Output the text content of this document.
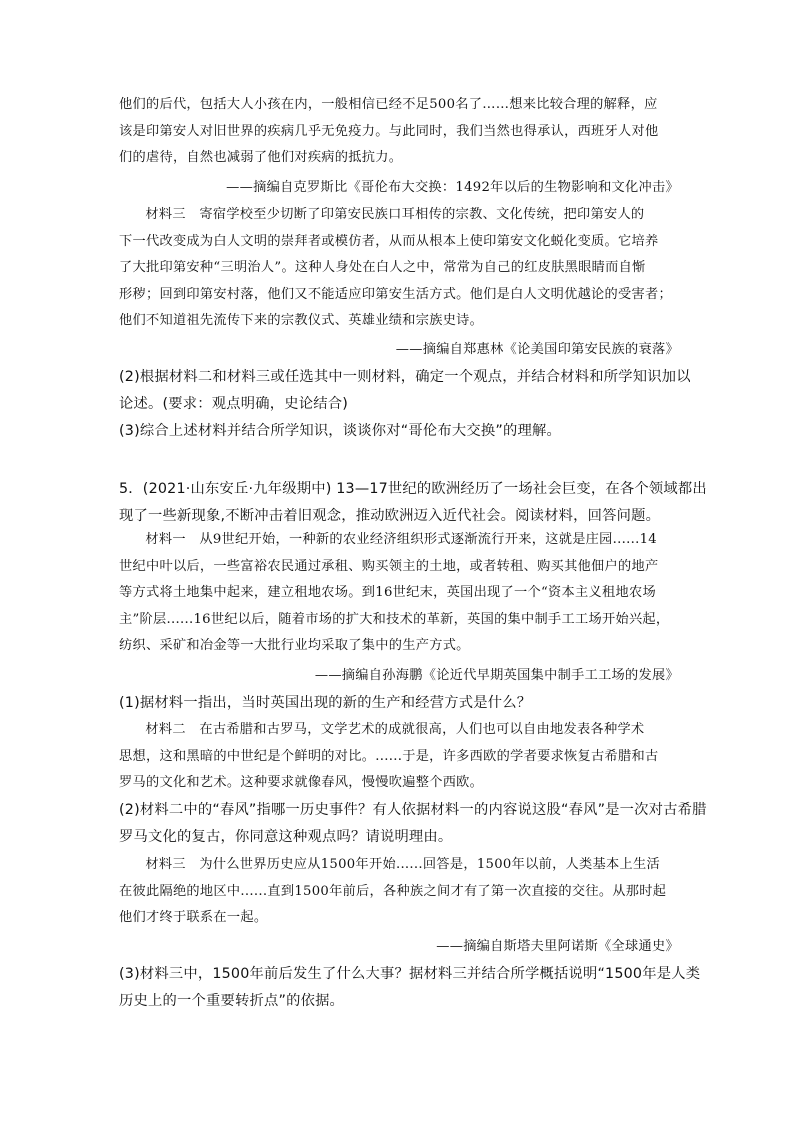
他们的后代，包括大人小孩在内，一般相信已经不足500名了……想来比较合理的解释，应
该是印第安人对旧世界的疾病几乎无免疫力。与此同时，我们当然也得承认，西班牙人对他
们的虐待，自然也减弱了他们对疾病的抵抗力。
——摘编自克罗斯比《哥伦布大交换：1492年以后的生物影响和文化冲击》
材料三　寄宿学校至少切断了印第安民族口耳相传的宗教、文化传统，把印第安人的
下一代改变成为白人文明的崇拜者或模仿者，从而从根本上使印第安文化蜕化变质。它培养
了大批印第安种“三明治人”。这种人身处在白人之中，常常为自己的红皮肤黑眼睛而自惭
形秽；回到印第安村落，他们又不能适应印第安生活方式。他们是白人文明优越论的受害者；
他们不知道祖先流传下来的宗教仪式、英雄业绩和宗族史诗。
——摘编自郑惠林《论美国印第安民族的衰落》
(2)根据材料二和材料三或任选其中一则材料，确定一个观点，并结合材料和所学知识加以
论述。(要求：观点明确，史论结合)
(3)综合上述材料并结合所学知识，谈谈你对“哥伦布大交换”的理解。
5．(2021·山东安丘·九年级期中) 13—17世纪的欧洲经历了一场社会巨变，在各个领域都出
现了一些新现象,不断冲击着旧观念，推动欧洲迈入近代社会。阅读材料，回答问题。
材料一　从9世纪开始，一种新的农业经济组织形式逐渐流行开来，这就是庄园......14
世纪中叶以后，一些富裕农民通过承租、购买领主的土地，或者转租、购买其他佃户的地产
等方式将土地集中起来，建立租地农场。到16世纪末，英国出现了一个“资本主义租地农场
主”阶层......16世纪以后，随着市场的扩大和技术的革新，英国的集中制手工工场开始兴起，
纺织、采矿和冶金等一大批行业均采取了集中的生产方式。
——摘编自孙海鹏《论近代早期英国集中制手工工场的发展》
(1)据材料一指出，当时英国出现的新的生产和经营方式是什么？
材料二　在古希腊和古罗马，文学艺术的成就很高，人们也可以自由地发表各种学术
思想，这和黑暗的中世纪是个鲜明的对比。......于是，许多西欧的学者要求恢复古希腊和古
罗马的文化和艺术。这种要求就像春风，慢慢吹遍整个西欧。
(2)材料二中的“春风”指哪一历史事件？有人依据材料一的内容说这股“春风”是一次对古希腊
罗马文化的复古，你同意这种观点吗？请说明理由。
材料三　为什么世界历史应从1500年开始......回答是，1500年以前，人类基本上生活
在彼此隔绝的地区中......直到1500年前后，各种族之间才有了第一次直接的交往。从那时起
他们才终于联系在一起。
——摘编自斯塔夫里阿诺斯《全球通史》
(3)材料三中，1500年前后发生了什么大事？据材料三并结合所学概括说明“1500年是人类
历史上的一个重要转折点”的依据。
